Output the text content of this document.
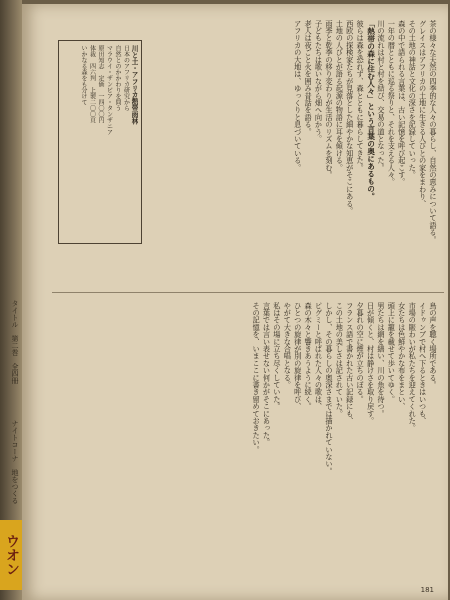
タイトル　第二巻　全四冊
ナイトコーナ　地をつくる
ウオン
川と土・アフリカ熱帯雨林
日本のアフリカ研究から
自然とのかかわりを問う
マラウイ・ザンビア・タンザニア
原田知志　定価　一四〇〇円
体裁　四六判　上製二〇〇頁
いかなる森をも分けて	茶の様々な天然の四季的な人々の暮らし、自然の恵みについて語る。
グレイスはアフリカの土地に生きる人びとの家をまわり、
その土地の神話と文化の深さを記録していった。
森の中で語られる言葉は、古い記憶を呼び起こす。
一年の暦とともに巡る祭りと、それを支える人々。
川の流れは村と村を結び、交易の道となった。
「熱帯の森に住む人々」という言葉の奥にあるもの。
彼らは森を恐れず、森とともに暮らしてきた。
西欧の探検家たちが見落とした細やかな知恵がそこにある。
土地の人びとが語る起源の物語に耳を傾ける。
雨季と乾季の移り変わりが生活のリズムを刻む。
子どもたちは歌いながら畑へ向かう。
老人は夜ごと火を囲み昔話を語る。
アフリカの大地は、ゆっくりと息づいている。
鳥の声を聴く場所である。
イドゥンブで村へ下るときはいつも、
市場の賑わいが私たちを迎えてくれた。
女たちは色鮮やかな布をまとい、
頭上に籠を載せて歩いてゆく。
男たちは網を繕い、川の魚を待つ。
日が傾くと、村は静けさを取り戻す。
夕暮れの空に煙が立ちのぼる。
フランス語で書かれた古い記録にも、
この土地の美しさは記されていた。
しかし、その暮らしの奥深さまでは描かれていない。
ピグミーと呼ばれた人々の歌は、
森の木々と響きあうように続く。
ひとつの旋律が別の旋律を呼び、
やがて大きな合唱となる。
私はその場に立ち尽くしていた。
言葉では言い表せない何かがそこにあった。
その記憶を、いまここに書き留めておきたい。
181
